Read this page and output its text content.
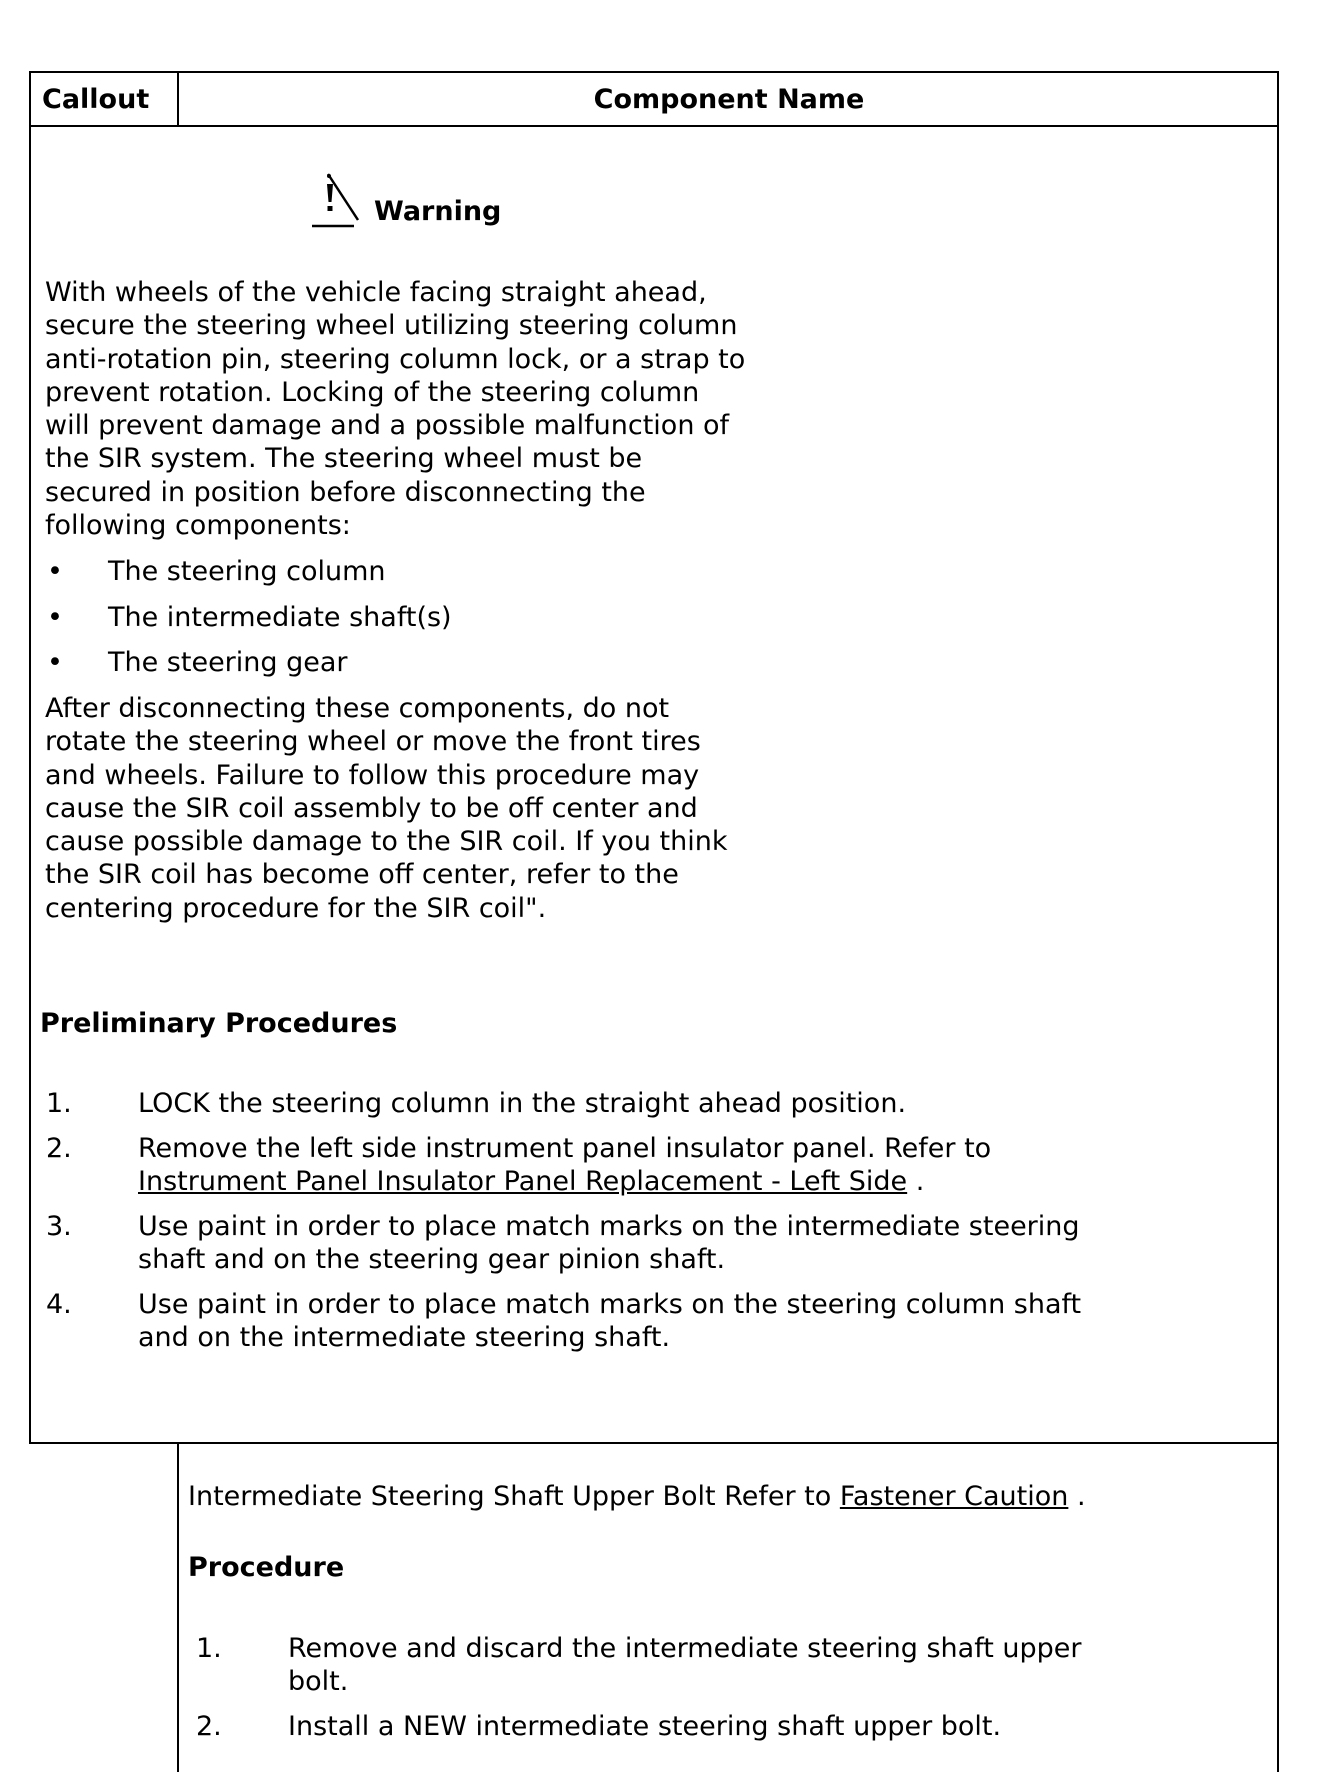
Callout	Component Name
Warning
With wheels of the vehicle facing straight ahead,
secure the steering wheel utilizing steering column
anti-rotation pin, steering column lock, or a strap to
prevent rotation. Locking of the steering column
will prevent damage and a possible malfunction of
the SIR system. The steering wheel must be
secured in position before disconnecting the
following components:
• The steering column
• The intermediate shaft(s)
• The steering gear
After disconnecting these components, do not
rotate the steering wheel or move the front tires
and wheels. Failure to follow this procedure may
cause the SIR coil assembly to be off center and
cause possible damage to the SIR coil. If you think
the SIR coil has become off center, refer to the
centering procedure for the SIR coil".
Preliminary Procedures
1. LOCK the steering column in the straight ahead position.
2. Remove the left side instrument panel insulator panel. Refer to
Instrument Panel Insulator Panel Replacement - Left Side .
3. Use paint in order to place match marks on the intermediate steering
shaft and on the steering gear pinion shaft.
4. Use paint in order to place match marks on the steering column shaft
and on the intermediate steering shaft.
Intermediate Steering Shaft Upper Bolt Refer to Fastener Caution .
Procedure
1. Remove and discard the intermediate steering shaft upper
bolt.
2. Install a NEW intermediate steering shaft upper bolt.
